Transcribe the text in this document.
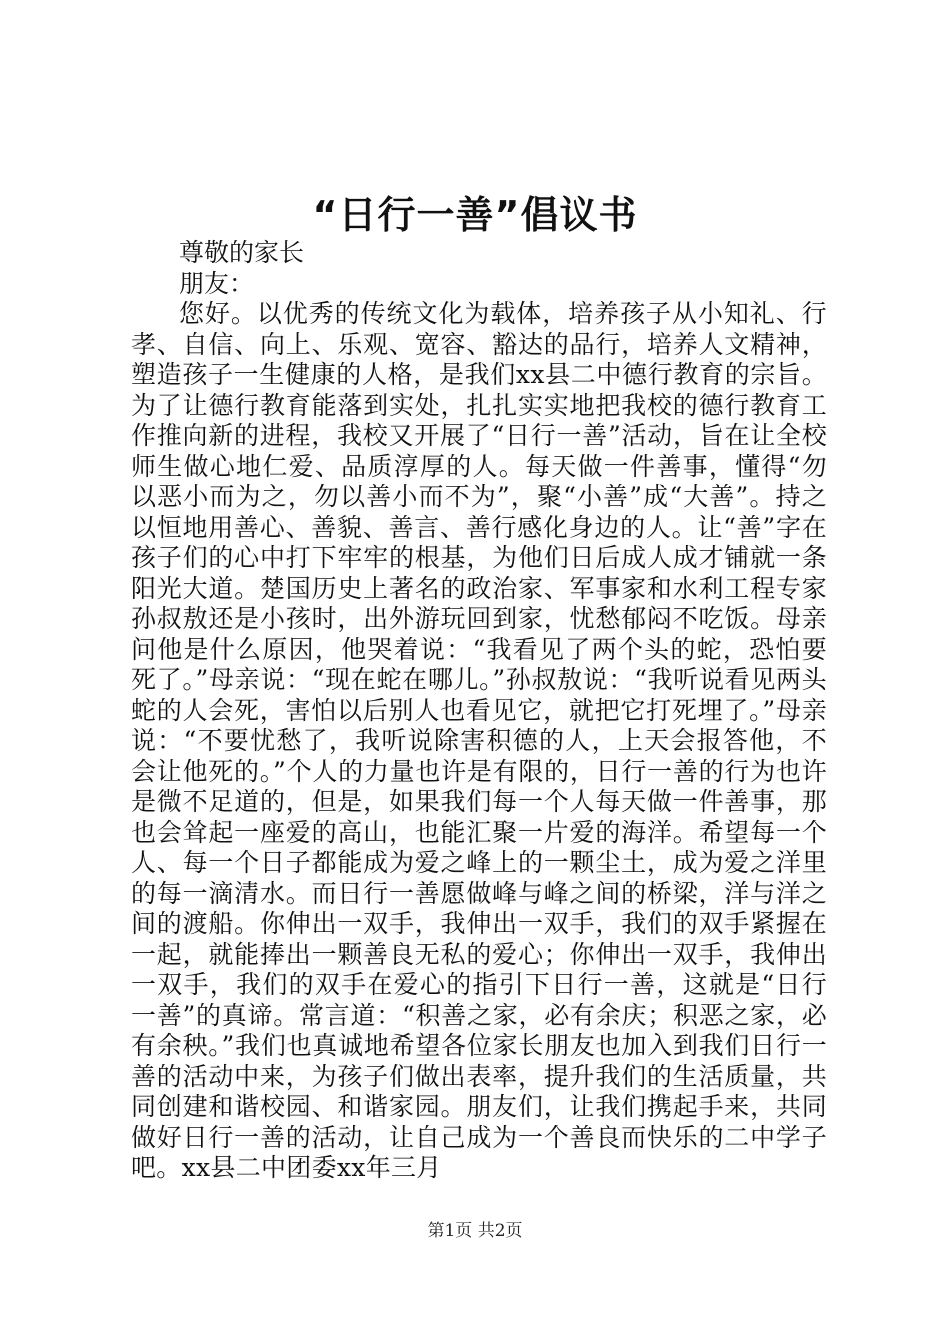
“日行一善”倡议书

尊敬的家长

朋友：

您好。以优秀的传统文化为载体，培养孩子从小知礼、行孝、自信、向上、乐观、宽容、豁达的品行，培养人文精神，塑造孩子一生健康的人格，是我们xx县二中德行教育的宗旨。为了让德行教育能落到实处，扎扎实实地把我校的德行教育工作推向新的进程，我校又开展了“日行一善”活动，旨在让全校师生做心地仁爱、品质淳厚的人。每天做一件善事，懂得“勿以恶小而为之，勿以善小而不为”，聚“小善”成“大善”。持之以恒地用善心、善貌、善言、善行感化身边的人。让“善”字在孩子们的心中打下牢牢的根基，为他们日后成人成才铺就一条阳光大道。楚国历史上著名的政治家、军事家和水利工程专家孙叔敖还是小孩时，出外游玩回到家，忧愁郁闷不吃饭。母亲问他是什么原因，他哭着说：“我看见了两个头的蛇，恐怕要死了。”母亲说：“现在蛇在哪儿。”孙叔敖说：“我听说看见两头蛇的人会死，害怕以后别人也看见它，就把它打死埋了。”母亲说：“不要忧愁了，我听说除害积德的人，上天会报答他，不会让他死的。”个人的力量也许是有限的，日行一善的行为也许是微不足道的，但是，如果我们每一个人每天做一件善事，那也会耸起一座爱的高山，也能汇聚一片爱的海洋。希望每一个人、每一个日子都能成为爱之峰上的一颗尘土，成为爱之洋里的每一滴清水。而日行一善愿做峰与峰之间的桥梁，洋与洋之间的渡船。你伸出一双手，我伸出一双手，我们的双手紧握在一起，就能捧出一颗善良无私的爱心；你伸出一双手，我伸出一双手，我们的双手在爱心的指引下日行一善，这就是“日行一善”的真谛。常言道：“积善之家，必有余庆；积恶之家，必有余秧。”我们也真诚地希望各位家长朋友也加入到我们日行一善的活动中来，为孩子们做出表率，提升我们的生活质量，共同创建和谐校园、和谐家园。朋友们，让我们携起手来，共同做好日行一善的活动，让自己成为一个善良而快乐的二中学子吧。xx县二中团委xx年三月

第1页 共2页
